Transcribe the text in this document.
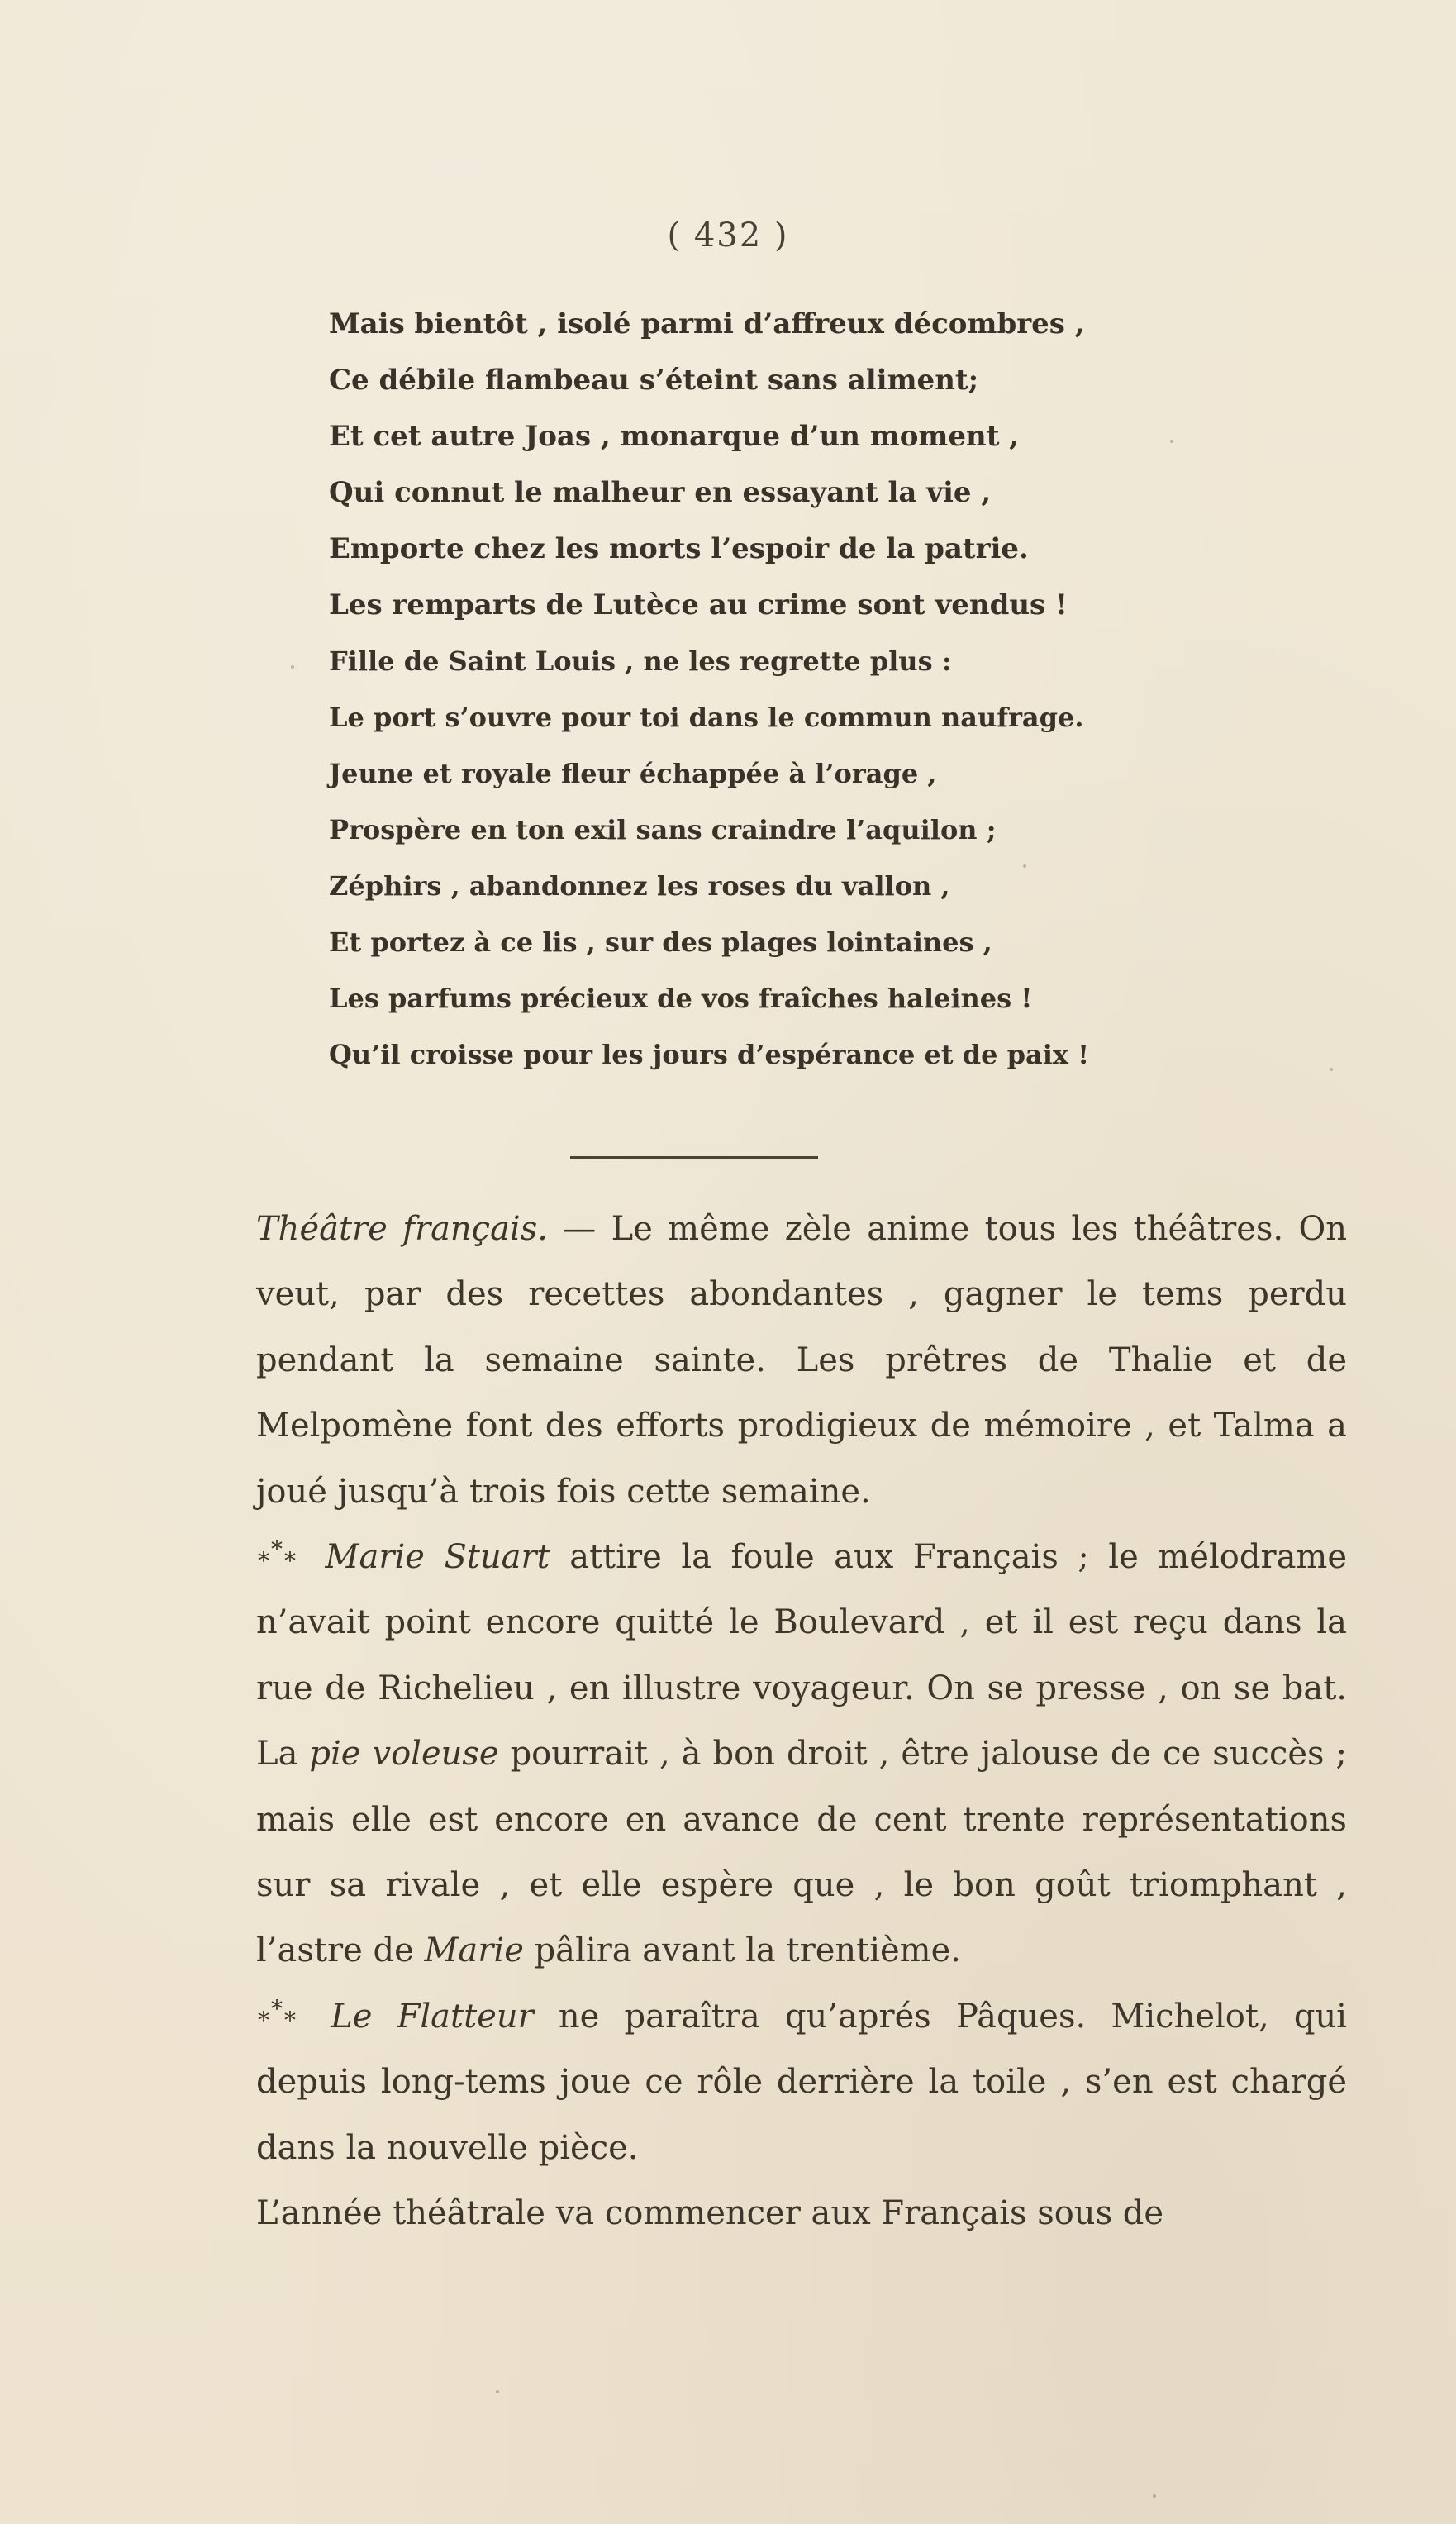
( 432 )
Mais bientôt , isolé parmi d’affreux décombres ,
Ce débile flambeau s’éteint sans aliment;
Et cet autre Joas , monarque d’un moment ,
Qui connut le malheur en essayant la vie ,
Emporte chez les morts l’espoir de la patrie.
Les remparts de Lutèce au crime sont vendus !
Fille de Saint Louis , ne les regrette plus :
Le port s’ouvre pour toi dans le commun naufrage.
Jeune et royale fleur échappée à l’orage ,
Prospère en ton exil sans craindre l’aquilon ;
Zéphirs , abandonnez les roses du vallon ,
Et portez à ce lis , sur des plages lointaines ,
Les parfums précieux de vos fraîches haleines !
Qu’il croisse pour les jours d’espérance et de paix !

Théâtre français. — Le même zèle anime tous les théâtres. On veut, par des recettes abondantes , gagner le tems perdu pendant la semaine sainte. Les prêtres de Thalie et de Melpomène font des efforts prodigieux de mémoire , et Talma a joué jusqu’à trois fois cette semaine.

* * * Marie Stuart attire la foule aux Français ; le mélodrame n’avait point encore quitté le Boulevard , et il est reçu dans la rue de Richelieu , en illustre voyageur. On se presse , on se bat. La pie voleuse pourrait , à bon droit , être jalouse de ce succès ; mais elle est encore en avance de cent trente représentations sur sa rivale , et elle espère que , le bon goût triomphant , l’astre de Marie pâlira avant la trentième.

* * * Le Flatteur ne paraîtra qu’aprés Pâques. Michelot, qui depuis long-tems joue ce rôle derrière la toile , s’en est chargé dans la nouvelle pièce.

L’année théâtrale va commencer aux Français sous de
